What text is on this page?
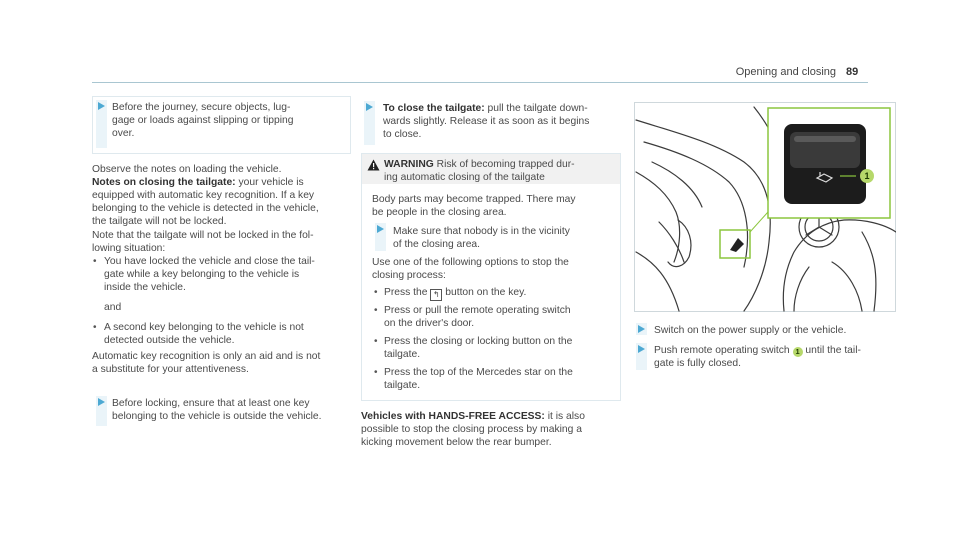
Opening and closing 89
Before the journey, secure objects, lug-
gage or loads against slipping or tipping
over.
Observe the notes on loading the vehicle.
Notes on closing the tailgate: your vehicle is
equipped with automatic key recognition. If a key
belonging to the vehicle is detected in the vehicle,
the tailgate will not be locked.
Note that the tailgate will not be locked in the fol-
lowing situation:
• You have locked the vehicle and close the tail-
gate while a key belonging to the vehicle is
inside the vehicle.
and
• A second key belonging to the vehicle is not
detected outside the vehicle.
Automatic key recognition is only an aid and is not
a substitute for your attentiveness.
Before locking, ensure that at least one key
belonging to the vehicle is outside the vehicle.
To close the tailgate: pull the tailgate down-
wards slightly. Release it as soon as it begins
to close.
WARNING Risk of becoming trapped dur-
ing automatic closing of the tailgate
Body parts may become trapped. There may
be people in the closing area.
Make sure that nobody is in the vicinity
of the closing area.
Use one of the following options to stop the
closing process:
• Press the ↰ button on the key.
• Press or pull the remote operating switch
on the driver's door.
• Press the closing or locking button on the
tailgate.
• Press the top of the Mercedes star on the
tailgate.
Vehicles with HANDS-FREE ACCESS: it is also
possible to stop the closing process by making a
kicking movement below the rear bumper.
1
Switch on the power supply or the vehicle.
Push remote operating switch 1 until the tail-
gate is fully closed.
